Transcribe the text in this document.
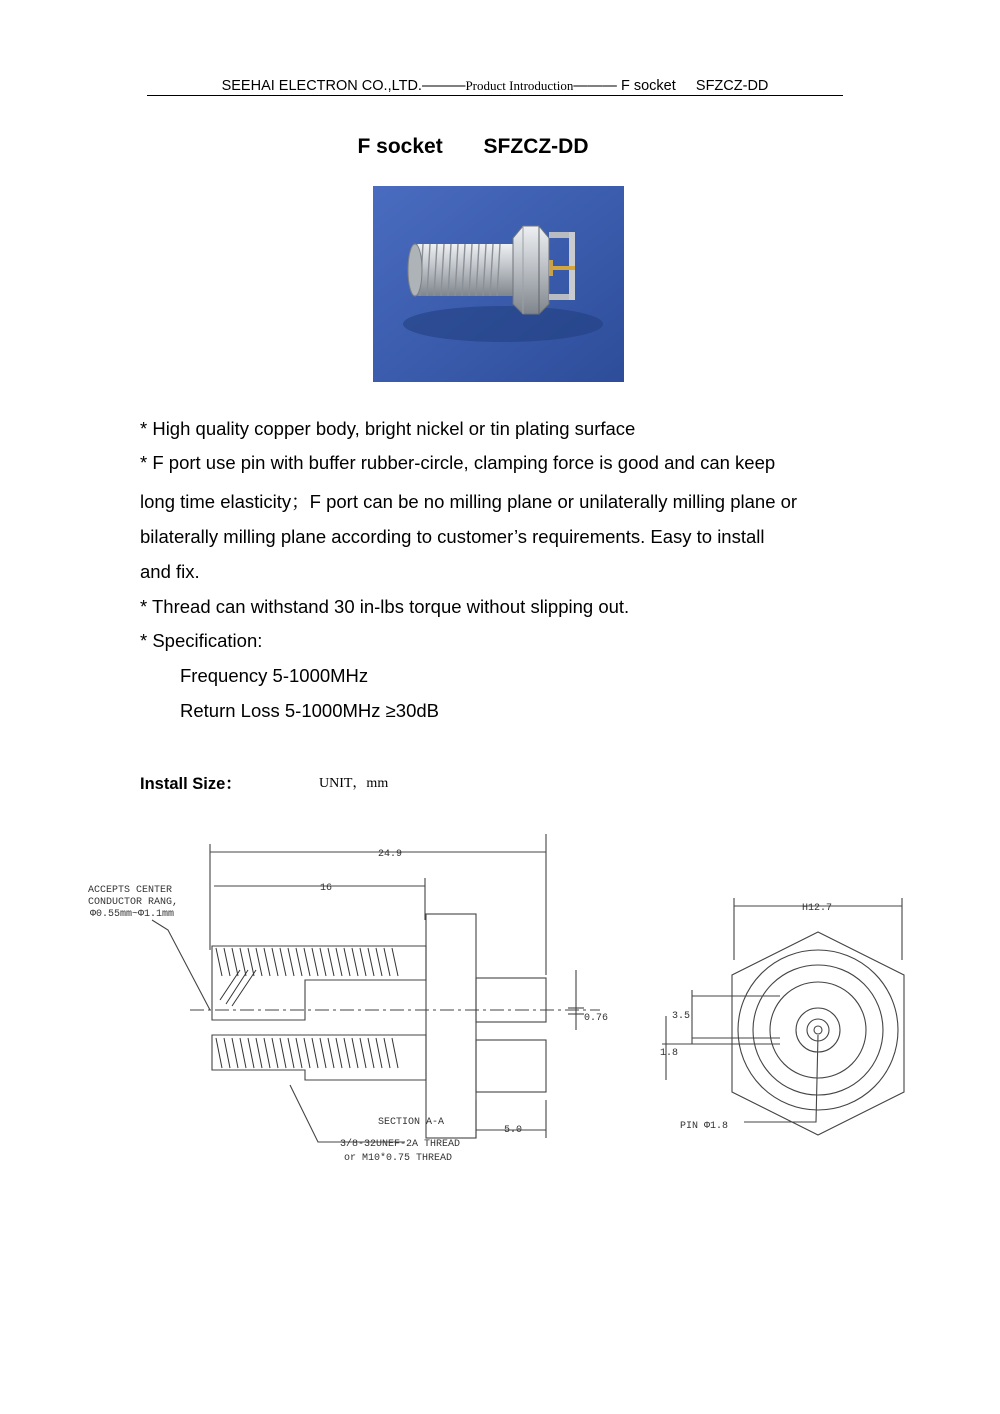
SEEHAI ELECTRON CO.,LTD.———Product Introduction——— F socket SFZCZ-DD
F socket SFZCZ-DD
* High quality copper body, bright nickel or tin plating surface
* F port use pin with buffer rubber-circle, clamping force is good and can keep
long time elasticity；F port can be no milling plane or unilaterally milling plane or
bilaterally milling plane according to customer’s requirements. Easy to install
and fix.
* Thread can withstand 30 in-lbs torque without slipping out.
* Specification:
Frequency 5-1000MHz
Return Loss 5-1000MHz ≥30dB
Install Size：	UNIT，mm
24.9
16
ACCEPTS CENTER
CONDUCTOR RANG,
Φ0.55mm~Φ1.1mm
0.76
SECTION A-A
5.0
3/8-32UNEF-2A THREAD
or M10*0.75 THREAD
H12.7
3.5
1.8
PIN Φ1.8
